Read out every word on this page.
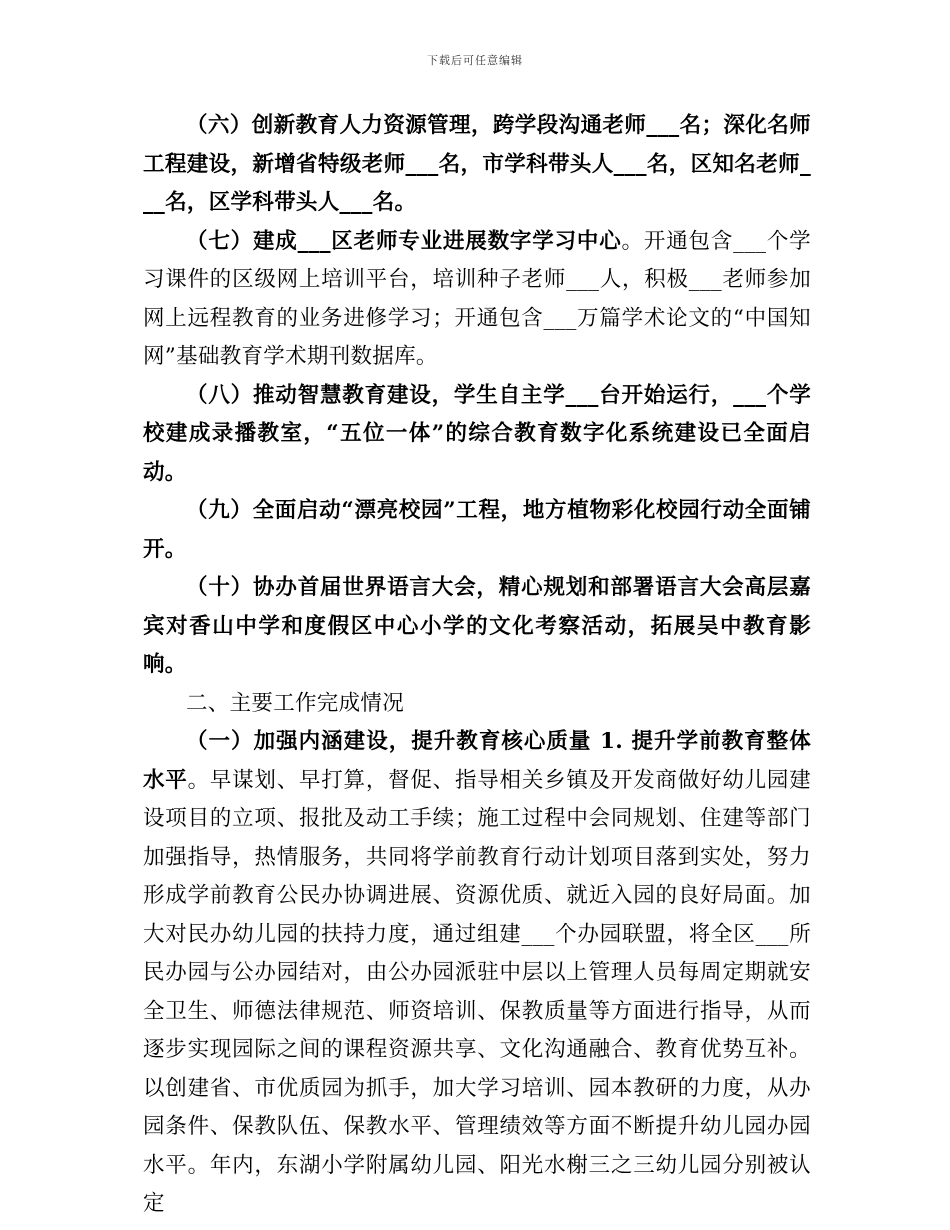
下载后可任意编辑

（六）创新教育人力资源管理，跨学段沟通老师___名；深化名师工程建设，新增省特级老师___名，市学科带头人___名，区知名老师___名，区学科带头人___名。

（七）建成___区老师专业进展数字学习中心。开通包含___个学习课件的区级网上培训平台，培训种子老师___人，积极___老师参加网上远程教育的业务进修学习；开通包含___万篇学术论文的“中国知网”基础教育学术期刊数据库。

（八）推动智慧教育建设，学生自主学___台开始运行，___个学校建成录播教室，“五位一体”的综合教育数字化系统建设已全面启动。

（九）全面启动“漂亮校园”工程，地方植物彩化校园行动全面铺开。

（十）协办首届世界语言大会，精心规划和部署语言大会高层嘉宾对香山中学和度假区中心小学的文化考察活动，拓展吴中教育影响。

二、主要工作完成情况

（一）加强内涵建设，提升教育核心质量 1. 提升学前教育整体水平。早谋划、早打算，督促、指导相关乡镇及开发商做好幼儿园建设项目的立项、报批及动工手续；施工过程中会同规划、住建等部门加强指导，热情服务，共同将学前教育行动计划项目落到实处，努力形成学前教育公民办协调进展、资源优质、就近入园的良好局面。加大对民办幼儿园的扶持力度，通过组建___个办园联盟，将全区___所民办园与公办园结对，由公办园派驻中层以上管理人员每周定期就安全卫生、师德法律规范、师资培训、保教质量等方面进行指导，从而逐步实现园际之间的课程资源共享、文化沟通融合、教育优势互补。以创建省、市优质园为抓手，加大学习培训、园本教研的力度，从办园条件、保教队伍、保教水平、管理绩效等方面不断提升幼儿园办园水平。年内，东湖小学附属幼儿园、阳光水榭三之三幼儿园分别被认定
